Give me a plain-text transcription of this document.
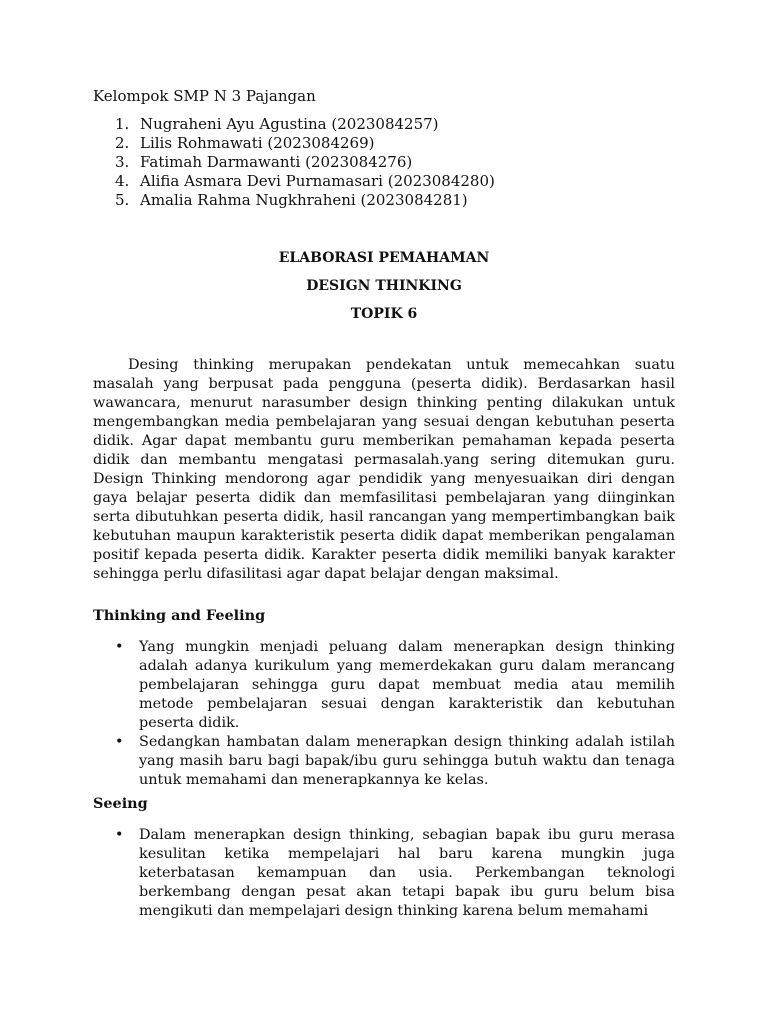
Kelompok SMP N 3 Pajangan
1. Nugraheni Ayu Agustina (2023084257)
2. Lilis Rohmawati (2023084269)
3. Fatimah Darmawanti (2023084276)
4. Alifia Asmara Devi Purnamasari (2023084280)
5. Amalia Rahma Nugkhraheni (2023084281)
ELABORASI PEMAHAMAN
DESIGN THINKING
TOPIK 6

Desing thinking merupakan pendekatan untuk memecahkan suatu masalah yang berpusat pada pengguna (peserta didik). Berdasarkan hasil wawancara, menurut narasumber design thinking penting dilakukan untuk mengembangkan media pembelajaran yang sesuai dengan kebutuhan peserta didik. Agar dapat membantu guru memberikan pemahaman kepada peserta didik dan membantu mengatasi permasalah.yang sering ditemukan guru. Design Thinking mendorong agar pendidik yang menyesuaikan diri dengan gaya belajar peserta didik dan memfasilitasi pembelajaran yang diinginkan serta dibutuhkan peserta didik, hasil rancangan yang mempertimbangkan baik kebutuhan maupun karakteristik peserta didik dapat memberikan pengalaman positif kepada peserta didik. Karakter peserta didik memiliki banyak karakter sehingga perlu difasilitasi agar dapat belajar dengan maksimal.

Thinking and Feeling
•	Yang mungkin menjadi peluang dalam menerapkan design thinking adalah adanya kurikulum yang memerdekakan guru dalam merancang pembelajaran sehingga guru dapat membuat media atau memilih metode pembelajaran sesuai dengan karakteristik dan kebutuhan peserta didik.
•	Sedangkan hambatan dalam menerapkan design thinking adalah istilah yang masih baru bagi bapak/ibu guru sehingga butuh waktu dan tenaga untuk memahami dan menerapkannya ke kelas.
Seeing
•	Dalam menerapkan design thinking, sebagian bapak ibu guru merasa kesulitan ketika mempelajari hal baru karena mungkin juga keterbatasan kemampuan dan usia. Perkembangan teknologi berkembang dengan pesat akan tetapi bapak ibu guru belum bisa mengikuti dan mempelajari design thinking karena belum memahami
